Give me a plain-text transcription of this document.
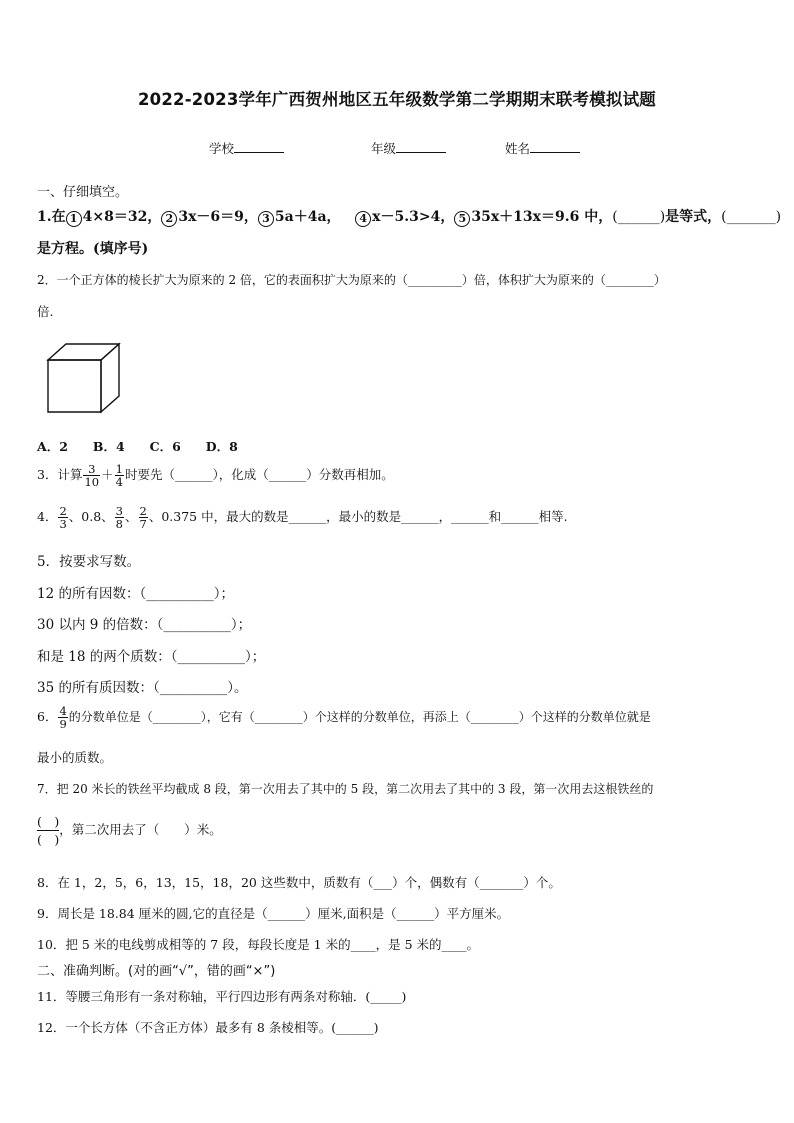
2022-2023学年广西贺州地区五年级数学第二学期期末联考模拟试题
学校	年级	姓名
一、仔细填空。
1.在 1 4×8＝32， 2 3x－6＝9， 3 5a＋4a， 4 x－5.3>4， 5 35x＋13x＝9.6 中，(______)是等式，(_______)
是方程。(填序号)
2．一个正方体的棱长扩大为原来的 2 倍，它的表面积扩大为原来的（_________）倍，体积扩大为原来的（________）
倍.
A．2　　B．4　　C．6　　D．8
3．计算 $\frac{3}{10} + \frac{1}{4}$ 时要先（______），化成（______）分数再相加。
4． $\frac{2}{3}$ 、0.8、 $\frac{3}{8}$ 、 $\frac{2}{7}$ 、0.375 中，最大的数是______，最小的数是______，______和______相等.
5．按要求写数。
12 的所有因数：（__________）；
30 以内 9 的倍数：（__________）；
和是 18 的两个质数：（__________）；
35 的所有质因数：（__________）。
6． $\frac{4}{9}$ 的分数单位是（________），它有（________）个这样的分数单位，再添上（________）个这样的分数单位就是
最小的质数。
7．把 20 米长的铁丝平均截成 8 段，第一次用去了其中的 5 段，第二次用去了其中的 3 段，第一次用去这根铁丝的
(　)
(　)
，第二次用去了（　　）米。
8．在 1，2，5，6，13，15，18，20 这些数中，质数有（___）个，偶数有（_______）个。
9．周长是 18.84 厘米的圆,它的直径是（______）厘米,面积是（______）平方厘米。
10．把 5 米的电线剪成相等的 7 段，每段长度是 1 米的____，是 5 米的____。
二、准确判断。(对的画“√”，错的画“×”)
11．等腰三角形有一条对称轴，平行四边形有两条对称轴．(_____)
12．一个长方体（不含正方体）最多有 8 条棱相等。(______)
